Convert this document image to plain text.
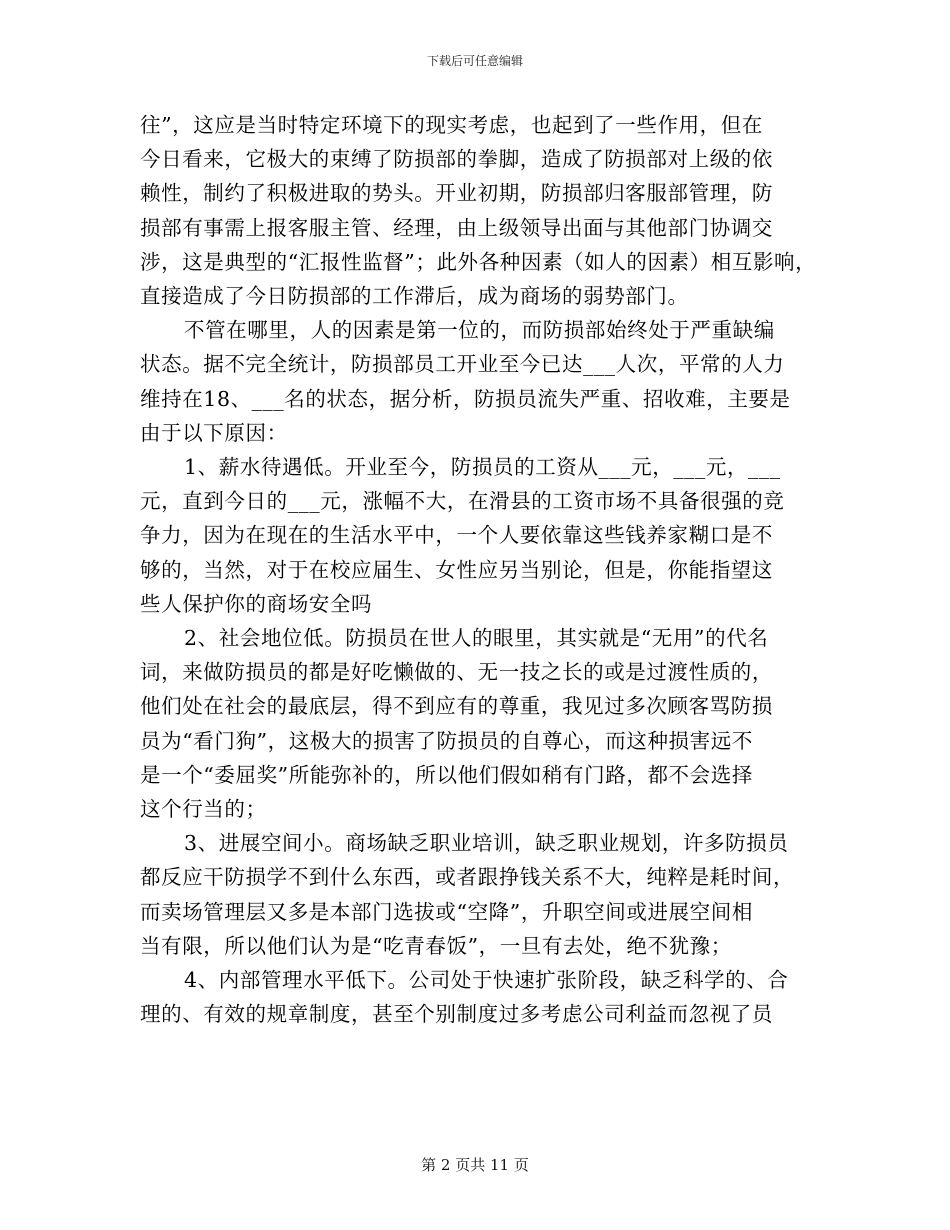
下载后可任意编辑

往”，这应是当时特定环境下的现实考虑，也起到了一些作用，但在
今日看来，它极大的束缚了防损部的拳脚，造成了防损部对上级的依
赖性，制约了积极进取的势头。开业初期，防损部归客服部管理，防
损部有事需上报客服主管、经理，由上级领导出面与其他部门协调交
涉，这是典型的“汇报性监督”；此外各种因素（如人的因素）相互影响，
直接造成了今日防损部的工作滞后，成为商场的弱势部门。

不管在哪里，人的因素是第一位的，而防损部始终处于严重缺编
状态。据不完全统计，防损部员工开业至今已达___人次，平常的人力
维持在18、___名的状态，据分析，防损员流失严重、招收难，主要是
由于以下原因：

1、薪水待遇低。开业至今，防损员的工资从___元，___元，___
元，直到今日的___元，涨幅不大，在滑县的工资市场不具备很强的竞
争力，因为在现在的生活水平中，一个人要依靠这些钱养家糊口是不
够的，当然，对于在校应届生、女性应另当别论，但是，你能指望这
些人保护你的商场安全吗

2、社会地位低。防损员在世人的眼里，其实就是“无用”的代名
词，来做防损员的都是好吃懒做的、无一技之长的或是过渡性质的，
他们处在社会的最底层，得不到应有的尊重，我见过多次顾客骂防损
员为“看门狗”，这极大的损害了防损员的自尊心，而这种损害远不
是一个“委屈奖”所能弥补的，所以他们假如稍有门路，都不会选择
这个行当的；

3、进展空间小。商场缺乏职业培训，缺乏职业规划，许多防损员
都反应干防损学不到什么东西，或者跟挣钱关系不大，纯粹是耗时间，
而卖场管理层又多是本部门选拔或“空降”，升职空间或进展空间相
当有限，所以他们认为是“吃青春饭”，一旦有去处，绝不犹豫；

4、内部管理水平低下。公司处于快速扩张阶段，缺乏科学的、合
理的、有效的规章制度，甚至个别制度过多考虑公司利益而忽视了员

第 2 页共 11 页
